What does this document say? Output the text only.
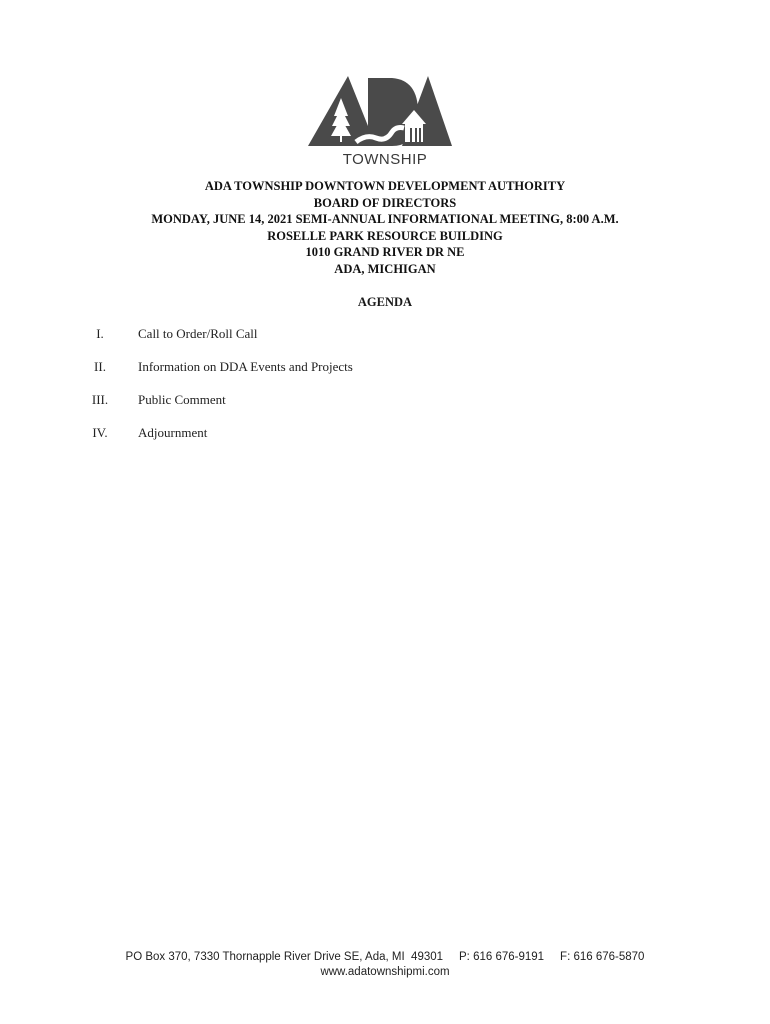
TOWNSHIP
ADA TOWNSHIP DOWNTOWN DEVELOPMENT AUTHORITY
BOARD OF DIRECTORS
MONDAY, JUNE 14, 2021 SEMI-ANNUAL INFORMATIONAL MEETING, 8:00 A.M.
ROSELLE PARK RESOURCE BUILDING
1010 GRAND RIVER DR NE
ADA, MICHIGAN
AGENDA
I.	Call to Order/Roll Call
II.	Information on DDA Events and Projects
III.	Public Comment
IV.	Adjournment
PO Box 370, 7330 Thornapple River Drive SE, Ada, MI  49301 P: 616 676-9191 F: 616 676-5870
www.adatownshipmi.com
